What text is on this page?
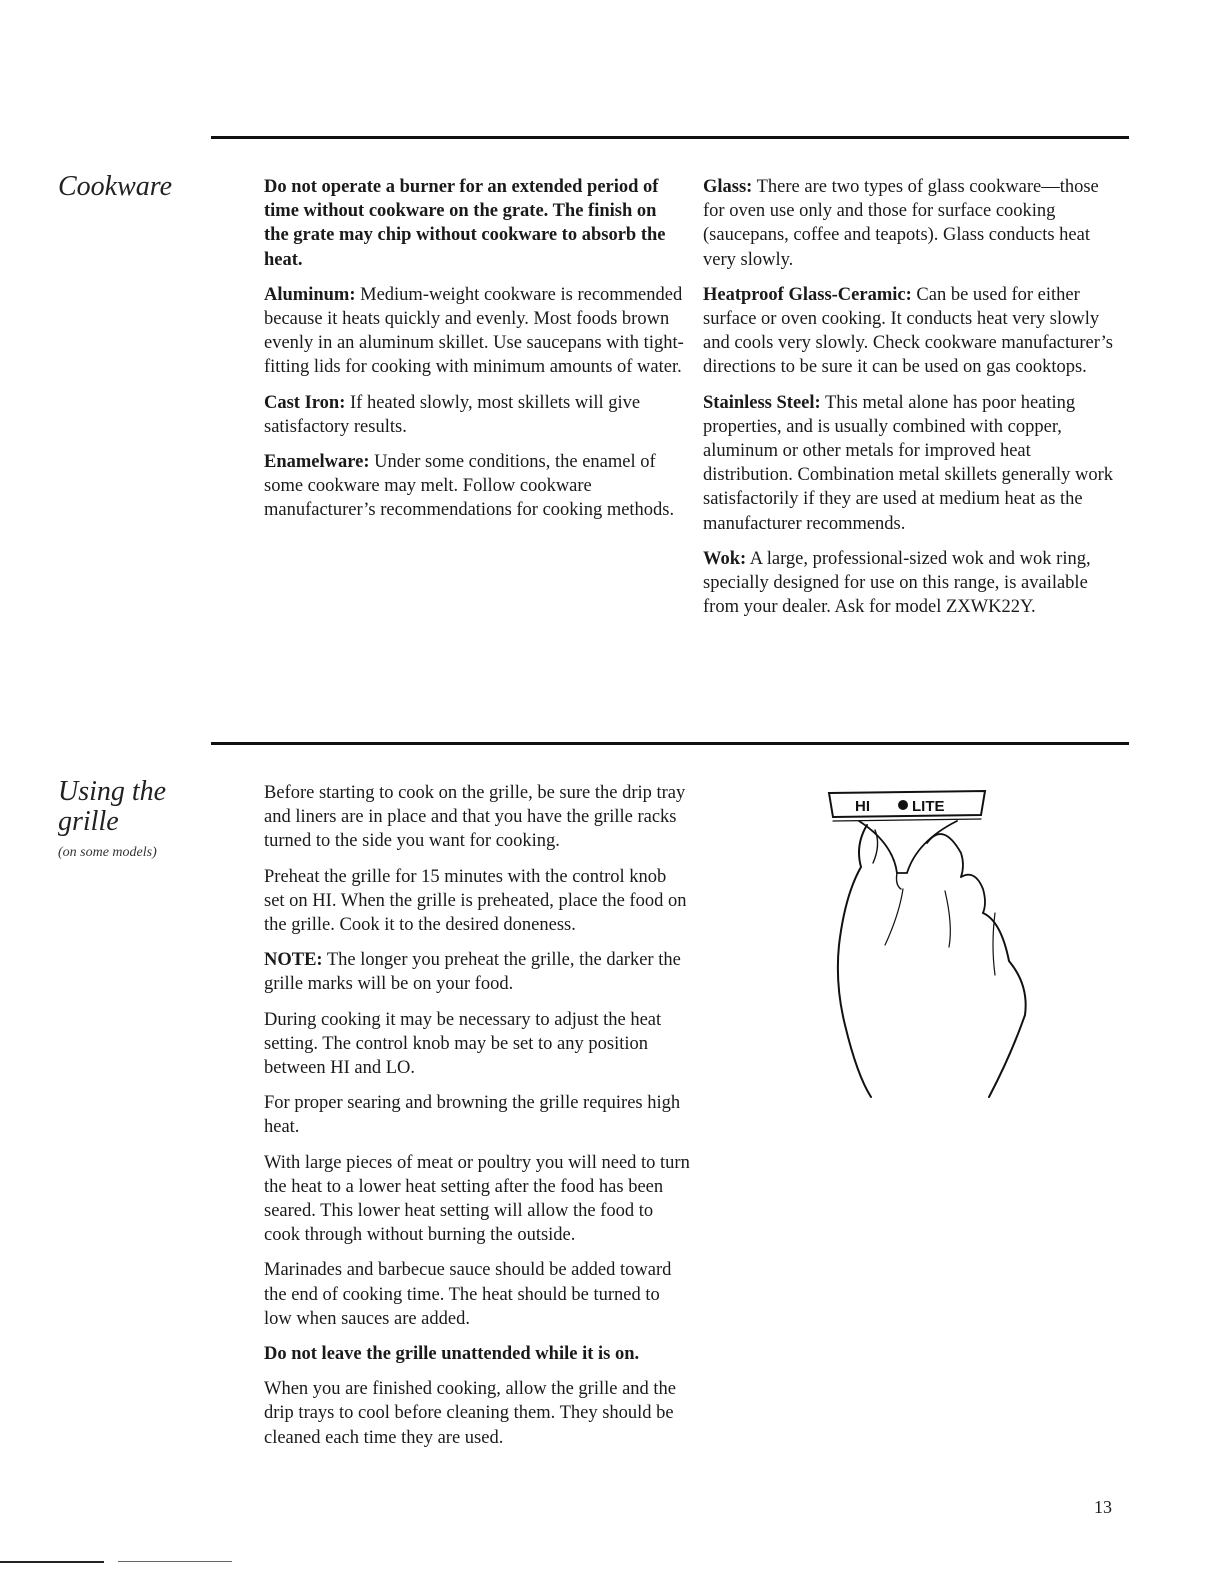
Cookware	Do not operate a burner for an extended period of time without cookware on the grate. The finish on the grate may chip without cookware to absorb the heat.

Aluminum: Medium-weight cookware is recommended because it heats quickly and evenly. Most foods brown evenly in an aluminum skillet. Use saucepans with tight-fitting lids for cooking with minimum amounts of water.

Cast Iron: If heated slowly, most skillets will give satisfactory results.

Enamelware: Under some conditions, the enamel of some cookware may melt. Follow cookware manufacturer’s recommendations for cooking methods.

Glass: There are two types of glass cookware—those for oven use only and those for surface cooking (saucepans, coffee and teapots). Glass conducts heat very slowly.

Heatproof Glass-Ceramic: Can be used for either surface or oven cooking. It conducts heat very slowly and cools very slowly. Check cookware manufacturer’s directions to be sure it can be used on gas cooktops.

Stainless Steel: This metal alone has poor heating properties, and is usually combined with copper, aluminum or other metals for improved heat distribution. Combination metal skillets generally work satisfactorily if they are used at medium heat as the manufacturer recommends.

Wok: A large, professional-sized wok and wok ring, specially designed for use on this range, is available from your dealer. Ask for model ZXWK22Y.

Using the
grille
(on some models)

Before starting to cook on the grille, be sure the drip tray and liners are in place and that you have the grille racks turned to the side you want for cooking.

Preheat the grille for 15 minutes with the control knob set on HI. When the grille is preheated, place the food on the grille. Cook it to the desired doneness.

NOTE: The longer you preheat the grille, the darker the grille marks will be on your food.

During cooking it may be necessary to adjust the heat setting. The control knob may be set to any position between HI and LO.

For proper searing and browning the grille requires high heat.

With large pieces of meat or poultry you will need to turn the heat to a lower heat setting after the food has been seared. This lower heat setting will allow the food to cook through without burning the outside.

Marinades and barbecue sauce should be added toward the end of cooking time. The heat should be turned to low when sauces are added.

Do not leave the grille unattended while it is on.

When you are finished cooking, allow the grille and the drip trays to cool before cleaning them. They should be cleaned each time they are used.

HI	LITE
13
